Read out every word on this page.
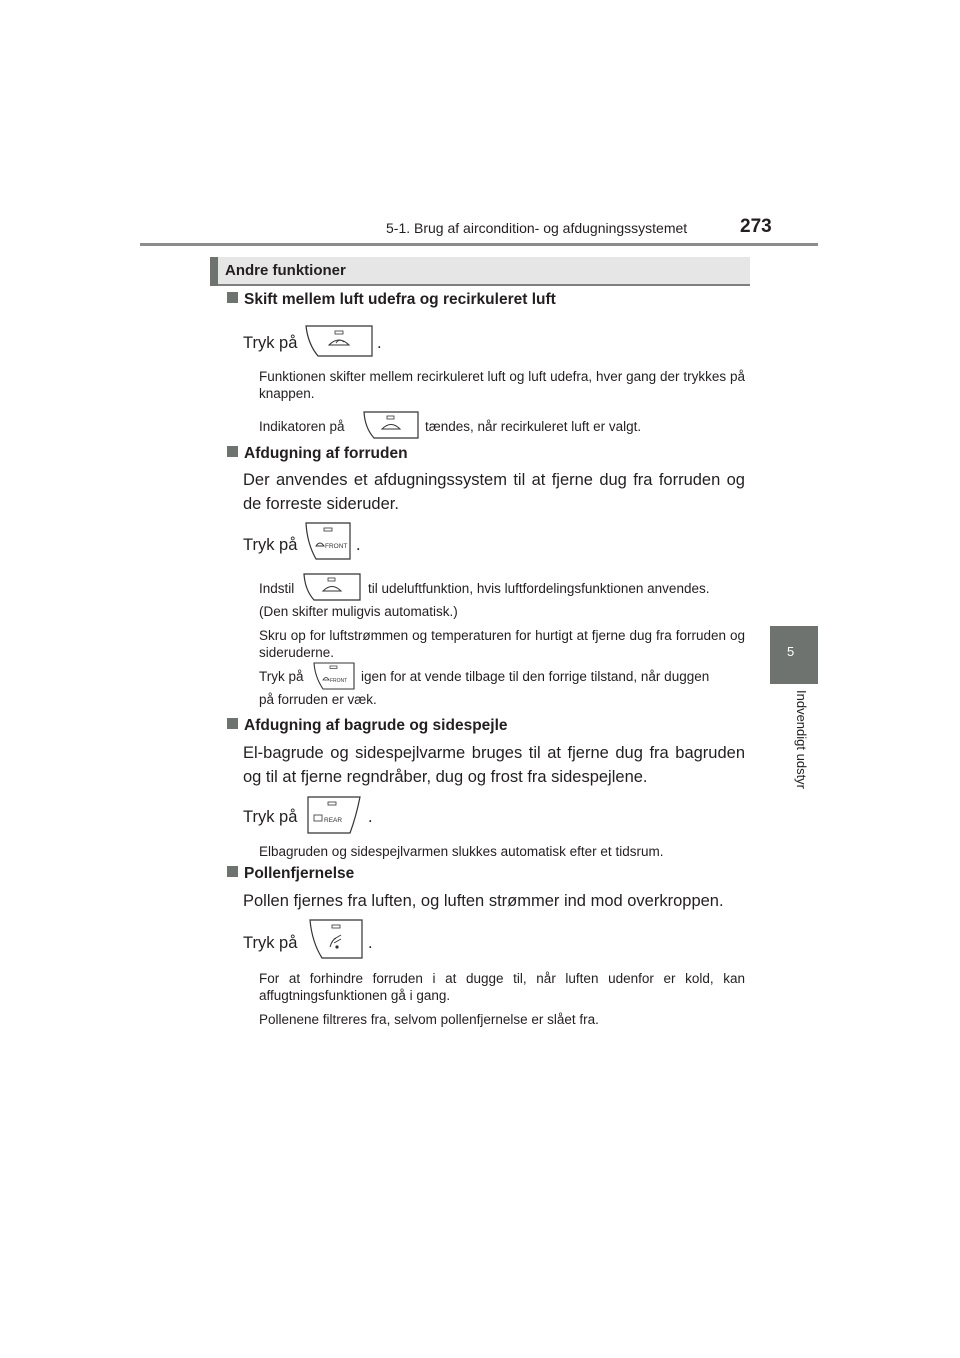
5-1. Brug af aircondition- og afdugningssystemet	273
5
Indvendigt udstyr
Andre funktioner
Skift mellem luft udefra og recirkuleret luft
Tryk på	.
Funktionen skifter mellem recirkuleret luft og luft udefra, hver gang der trykkes på knappen.
Indikatoren på	tændes, når recirkuleret luft er valgt.
Afdugning af forruden
Der anvendes et afdugningssystem til at fjerne dug fra forruden og de forreste sideruder.
Tryk på	FRONT .
Indstil	til udeluftfunktion, hvis luftfordelingsfunktionen anvendes.
(Den skifter muligvis automatisk.)
Skru op for luftstrømmen og temperaturen for hurtigt at fjerne dug fra forruden og sideruderne.
Tryk på	FRONT igen for at vende tilbage til den forrige tilstand, når duggen
på forruden er væk.
Afdugning af bagrude og sidespejle
El-bagrude og sidespejlvarme bruges til at fjerne dug fra bagruden og til at fjerne regndråber, dug og frost fra sidespejlene.
Tryk på	REAR .
Elbagruden og sidespejlvarmen slukkes automatisk efter et tidsrum.
Pollenfjernelse
Pollen fjernes fra luften, og luften strømmer ind mod overkroppen.
Tryk på	.
For at forhindre forruden i at dugge til, når luften udenfor er kold, kan affugtningsfunktionen gå i gang.
Pollenene filtreres fra, selvom pollenfjernelse er slået fra.
